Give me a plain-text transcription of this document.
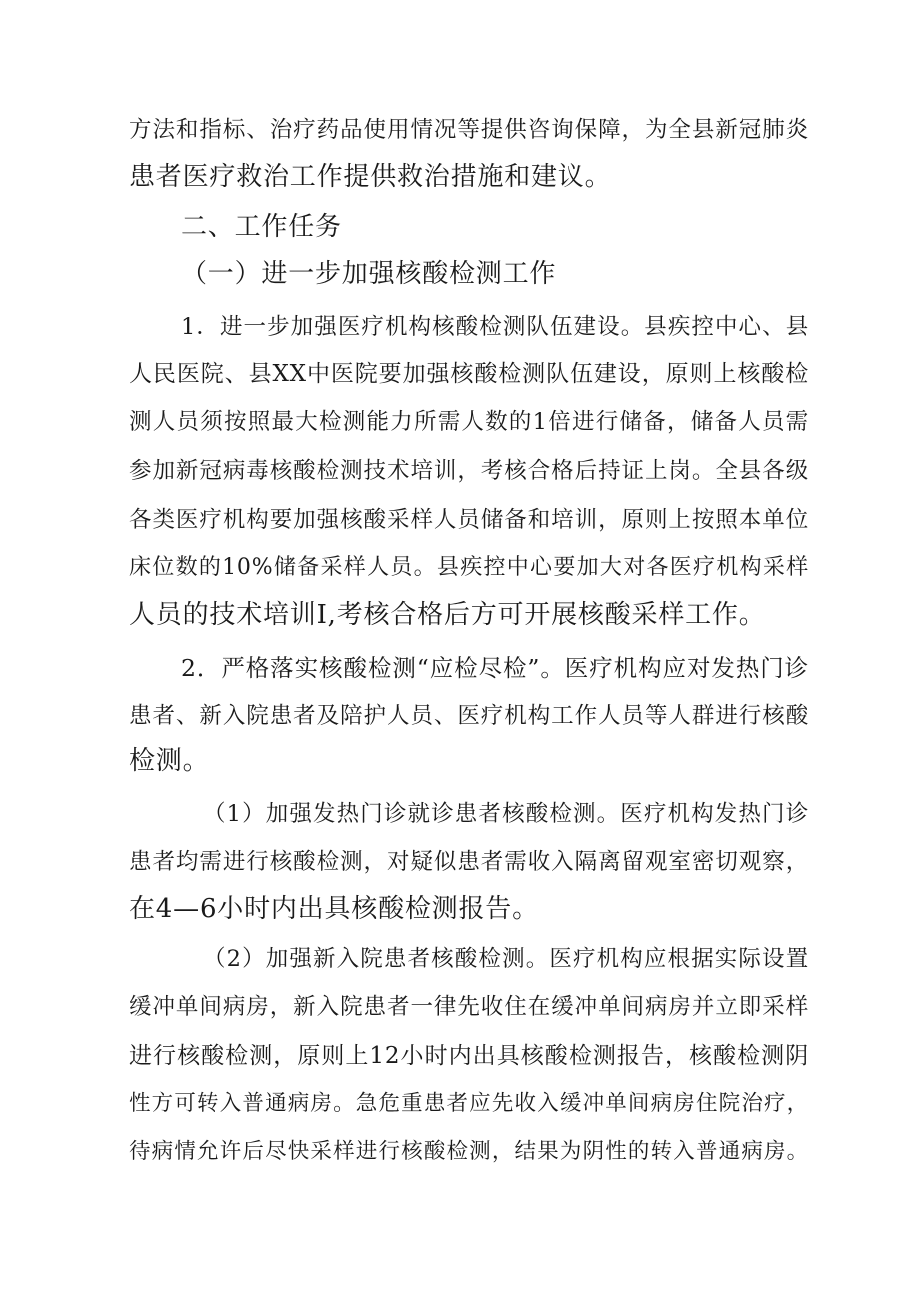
方法和指标、治疗药品使用情况等提供咨询保障，为全县新冠肺炎
患者医疗救治工作提供救治措施和建议。
二、工作任务
（一）进一步加强核酸检测工作
1．进一步加强医疗机构核酸检测队伍建设。县疾控中心、县
人民医院、县XX中医院要加强核酸检测队伍建设，原则上核酸检
测人员须按照最大检测能力所需人数的1倍进行储备，储备人员需
参加新冠病毒核酸检测技术培训，考核合格后持证上岗。全县各级
各类医疗机构要加强核酸采样人员储备和培训，原则上按照本单位
床位数的10%储备采样人员。县疾控中心要加大对各医疗机构采样
人员的技术培训I,考核合格后方可开展核酸采样工作。
2．严格落实核酸检测“应检尽检”。医疗机构应对发热门诊
患者、新入院患者及陪护人员、医疗机构工作人员等人群进行核酸
检测。
（1）加强发热门诊就诊患者核酸检测。医疗机构发热门诊
患者均需进行核酸检测，对疑似患者需收入隔离留观室密切观察，
在4—6小时内出具核酸检测报告。
（2）加强新入院患者核酸检测。医疗机构应根据实际设置
缓冲单间病房，新入院患者一律先收住在缓冲单间病房并立即采样
进行核酸检测，原则上12小时内出具核酸检测报告，核酸检测阴
性方可转入普通病房。急危重患者应先收入缓冲单间病房住院治疗，
待病情允许后尽快采样进行核酸检测，结果为阴性的转入普通病房。
